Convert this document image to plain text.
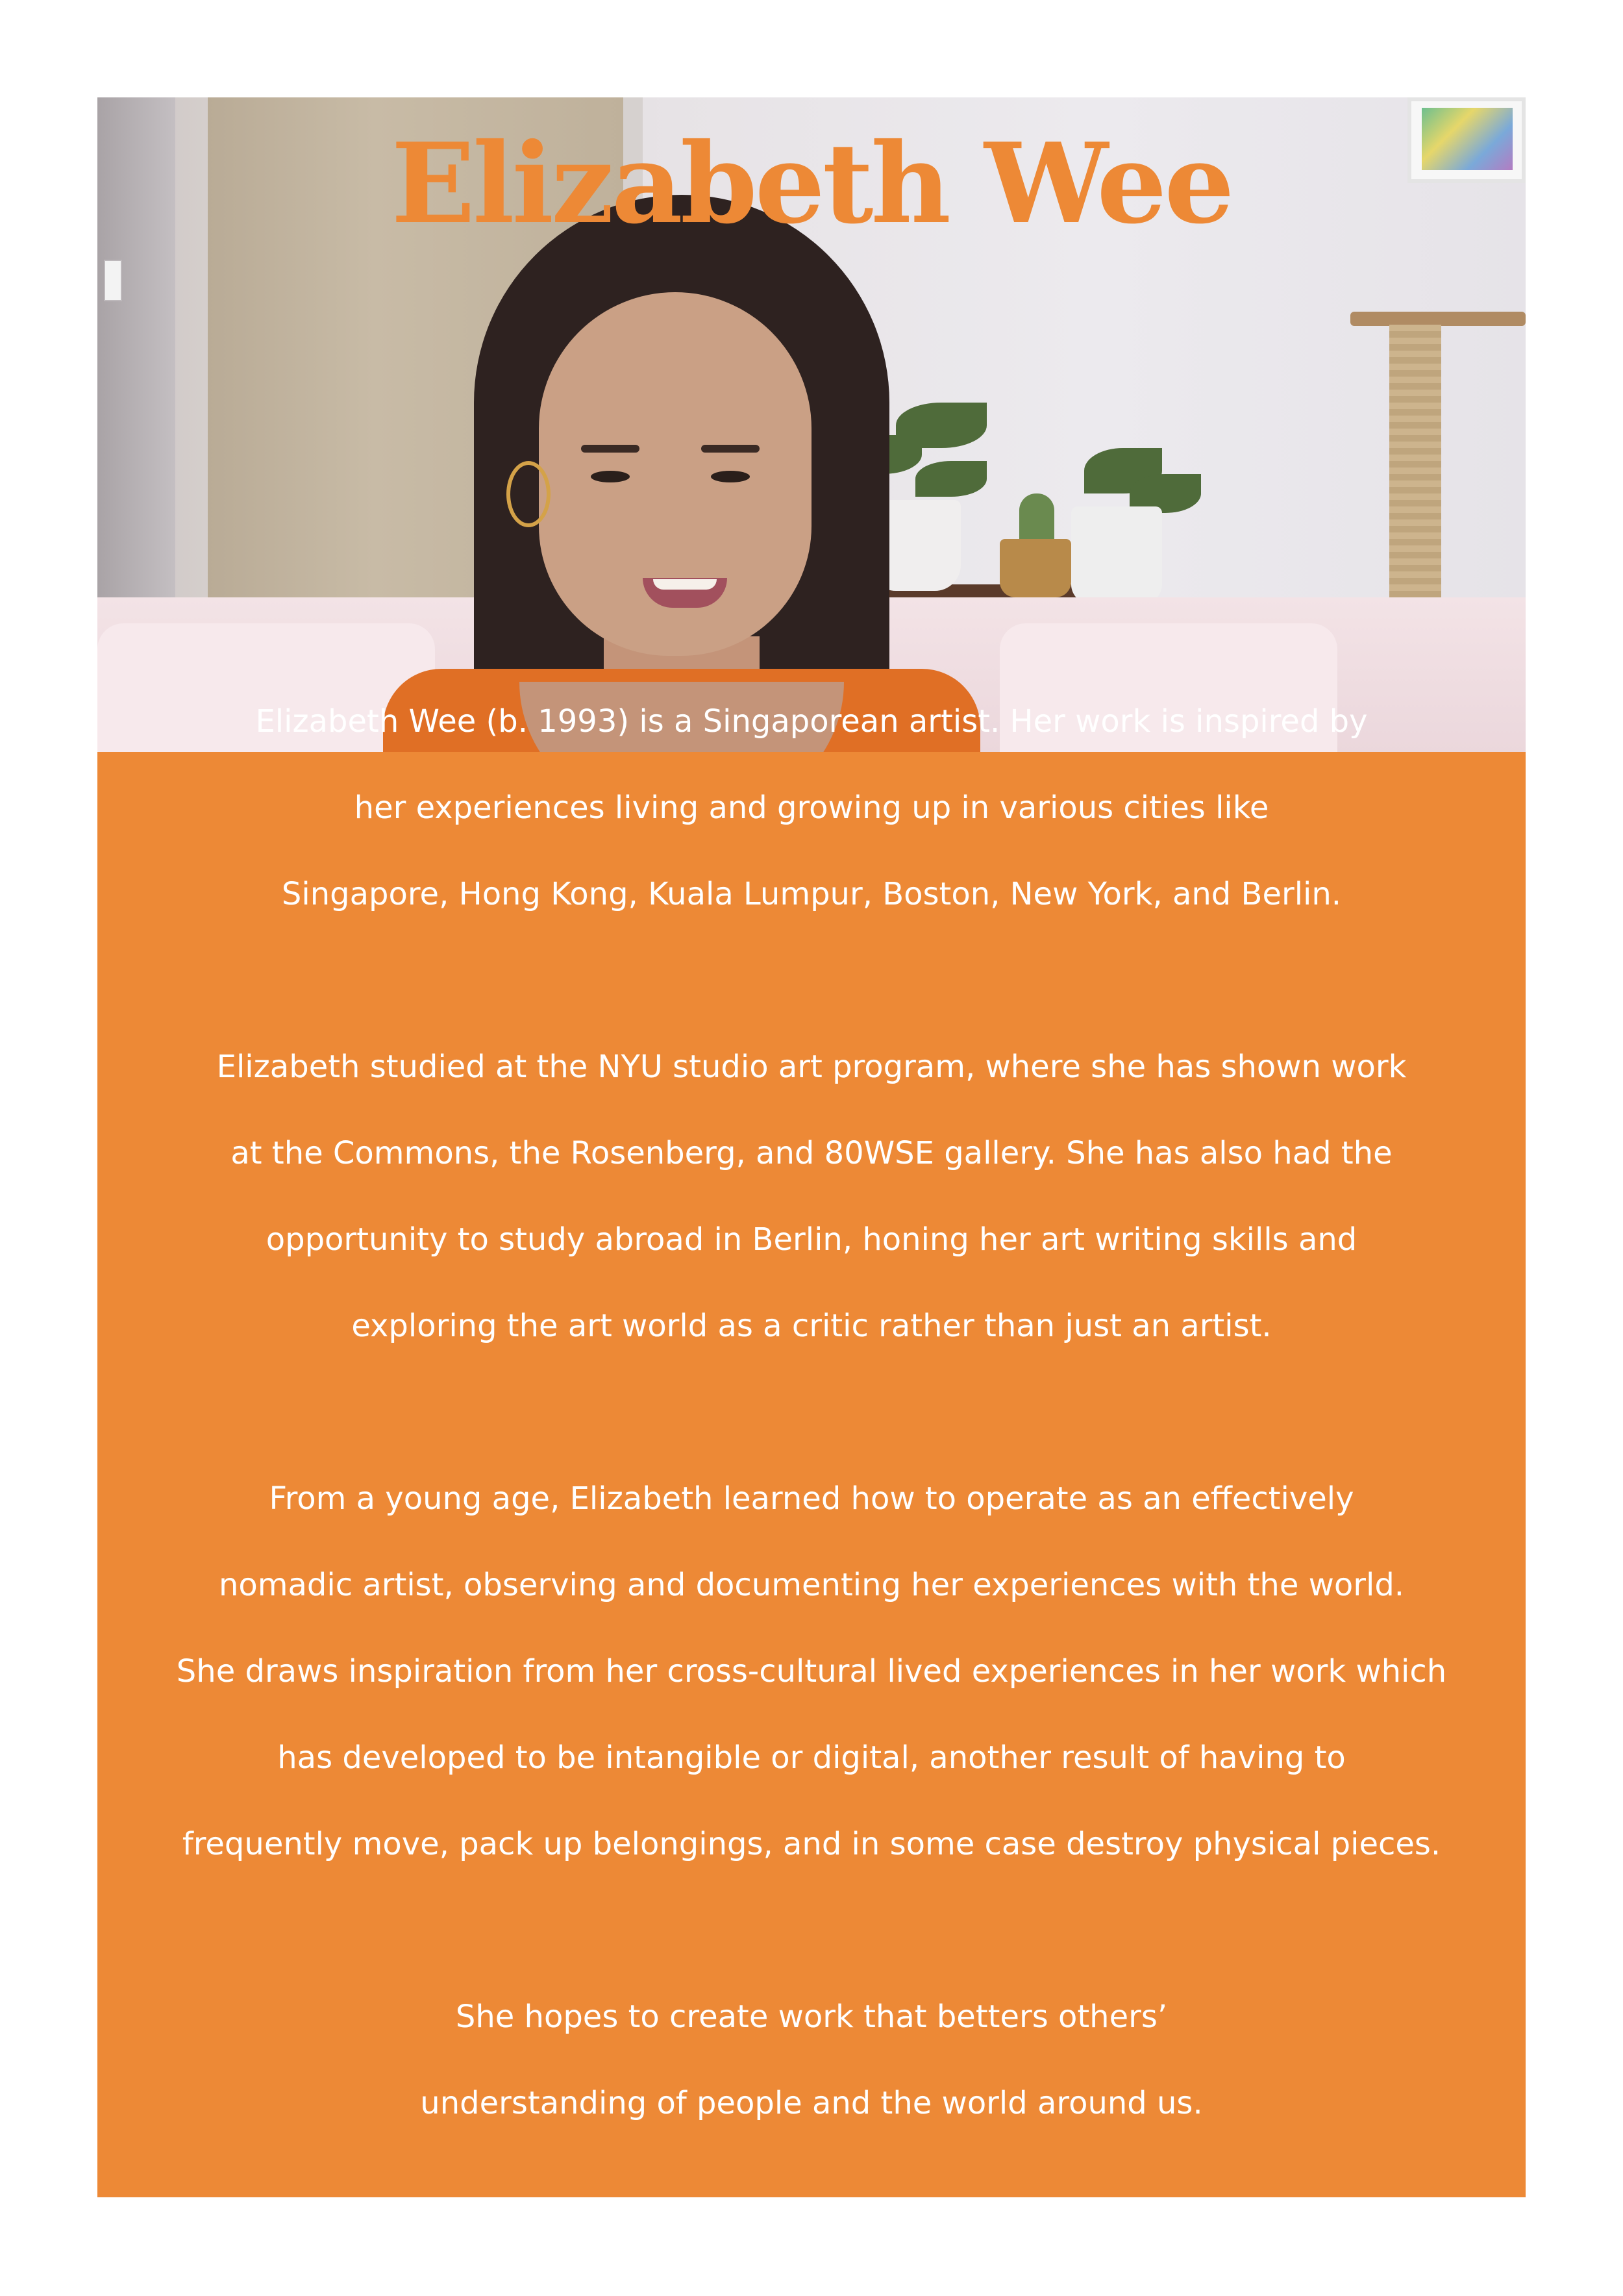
Elizabeth Wee
Elizabeth Wee (b. 1993) is a Singaporean artist. Her work is inspired by
her experiences living and growing up in various cities like
Singapore, Hong Kong, Kuala Lumpur, Boston, New York, and Berlin.
Elizabeth studied at the NYU studio art program, where she has shown work
at the Commons, the Rosenberg, and 80WSE gallery. She has also had the
opportunity to study abroad in Berlin, honing her art writing skills and
exploring the art world as a critic rather than just an artist.
From a young age, Elizabeth learned how to operate as an effectively
nomadic artist, observing and documenting her experiences with the world.
She draws inspiration from her cross-cultural lived experiences in her work which
has developed to be intangible or digital, another result of having to
frequently move, pack up belongings, and in some case destroy physical pieces.
She hopes to create work that betters others’
understanding of people and the world around us.
